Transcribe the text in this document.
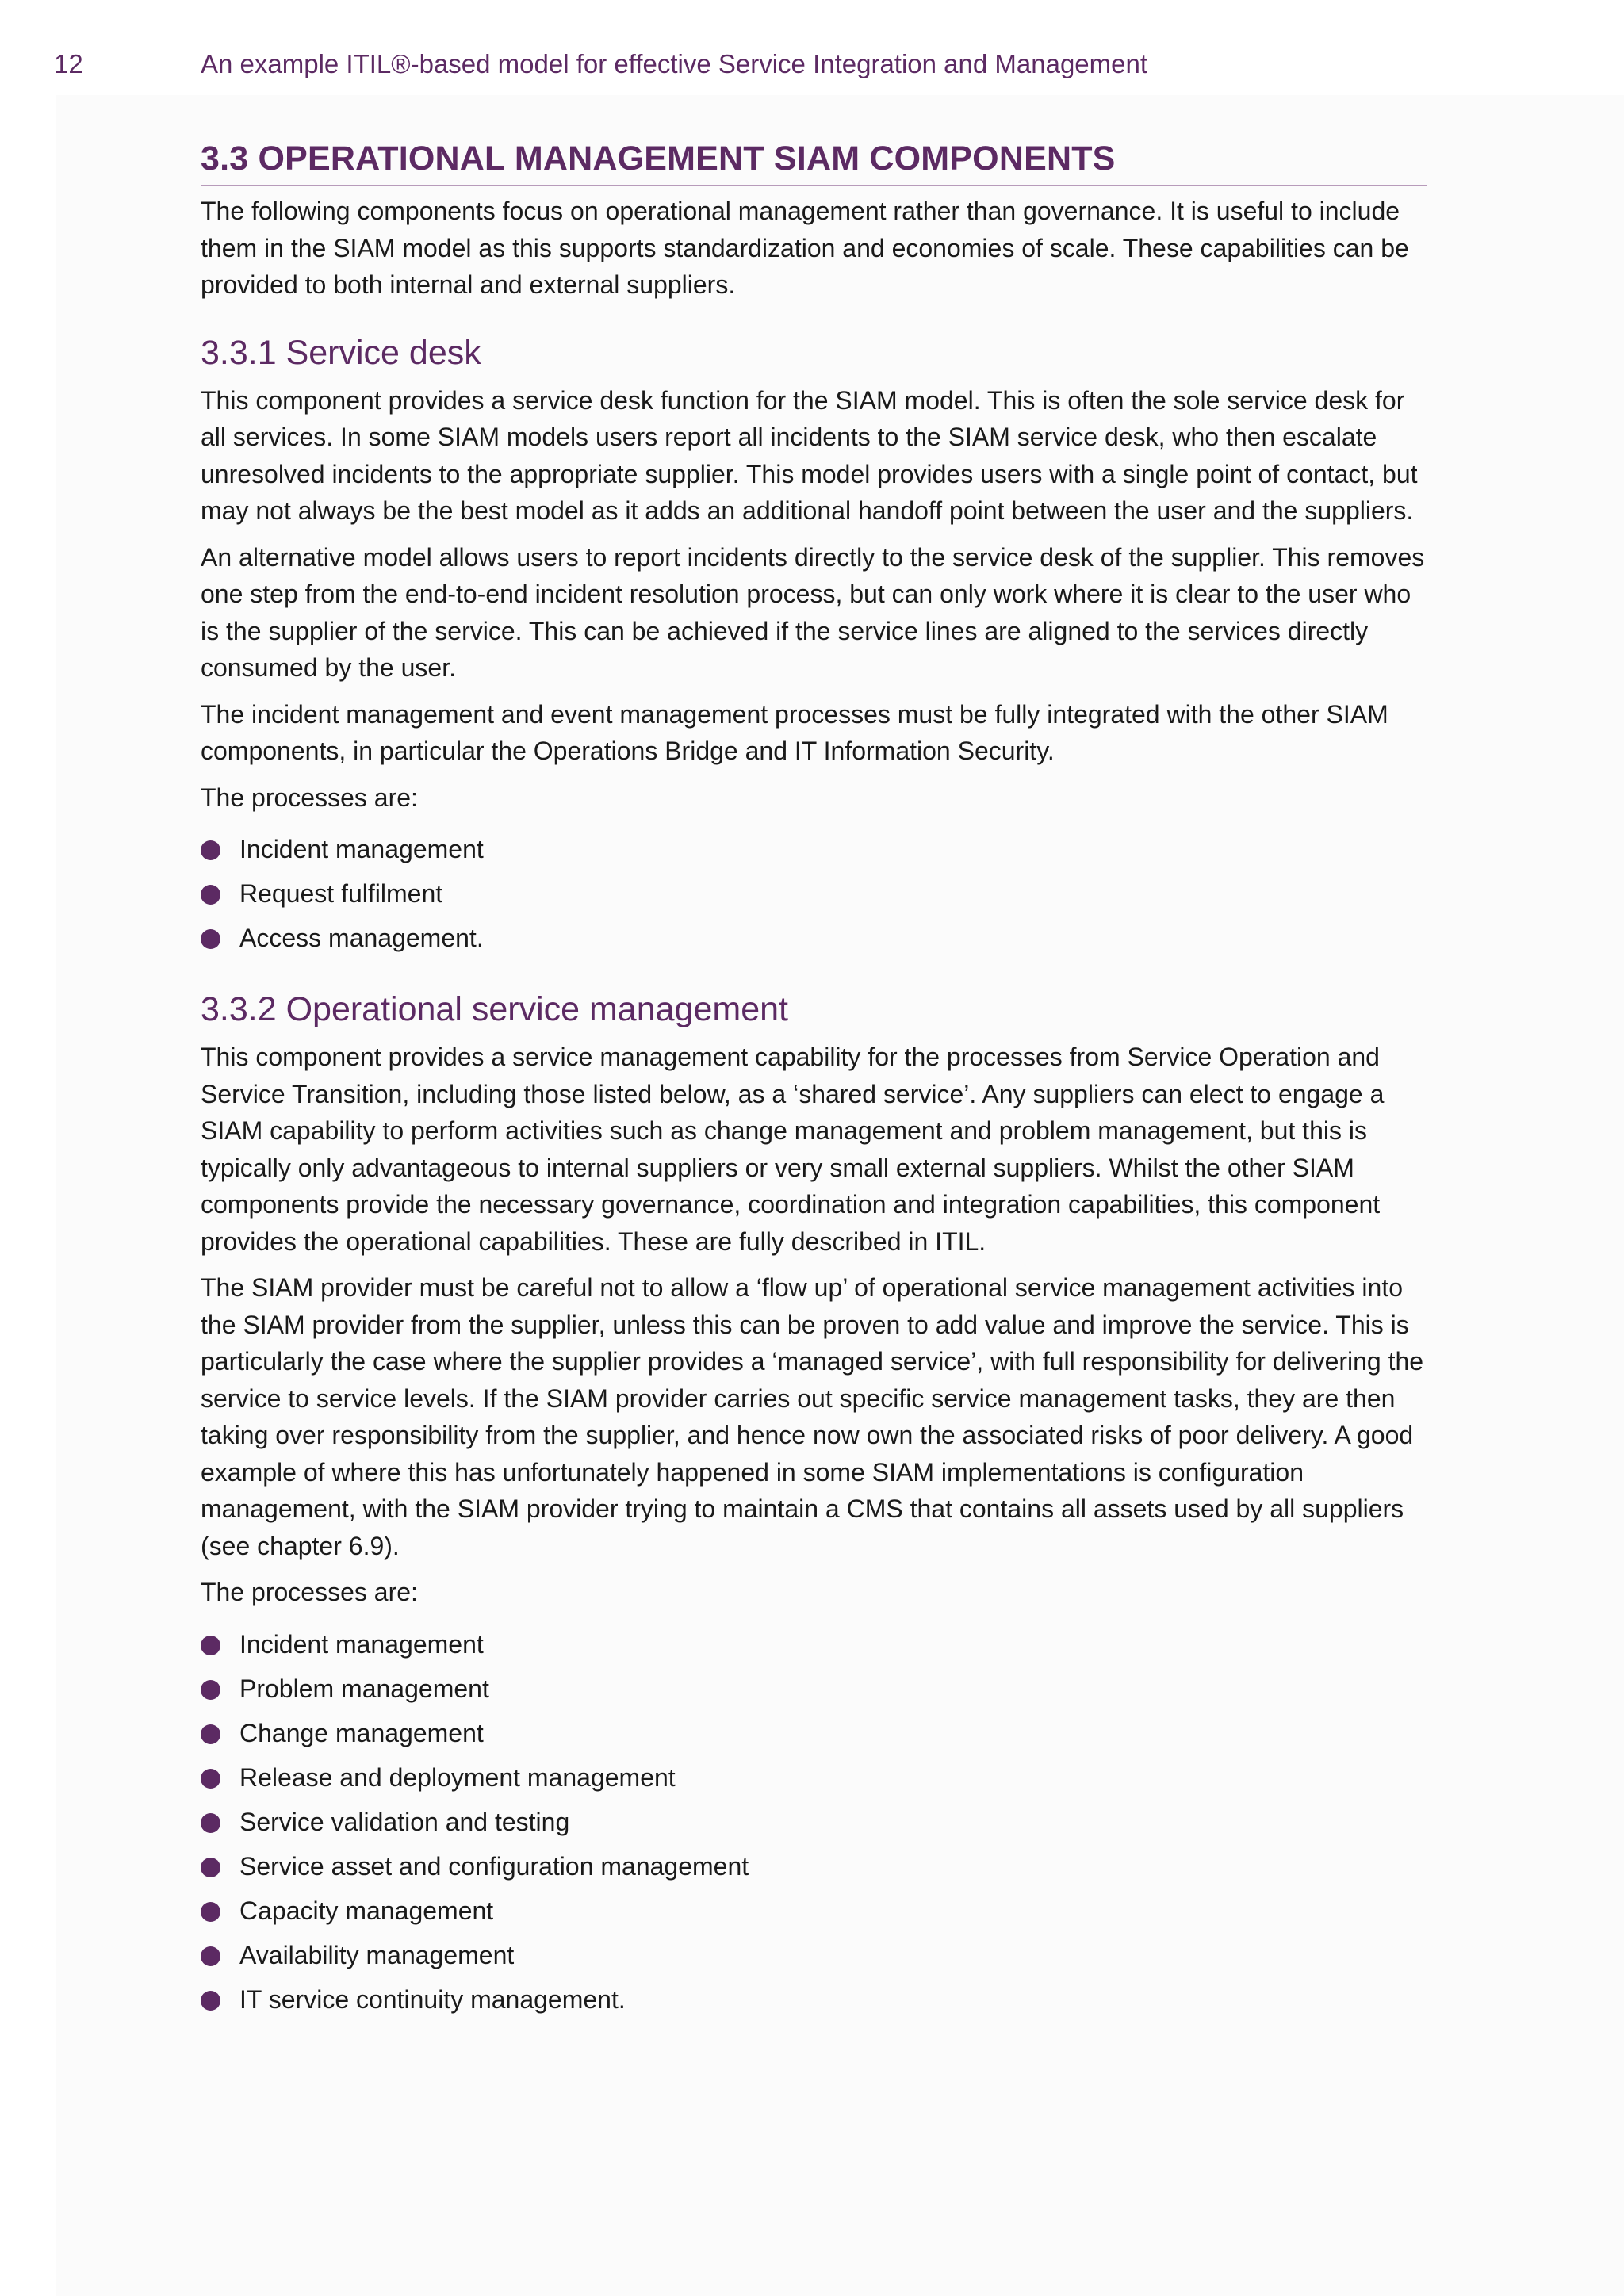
12	An example ITIL®-based model for effective Service Integration and Management
3.3 OPERATIONAL MANAGEMENT SIAM COMPONENTS

The following components focus on operational management rather than governance. It is useful to include them in the SIAM model as this supports standardization and economies of scale. These capabilities can be provided to both internal and external suppliers.

3.3.1 Service desk

This component provides a service desk function for the SIAM model. This is often the sole service desk for all services. In some SIAM models users report all incidents to the SIAM service desk, who then escalate unresolved incidents to the appropriate supplier. This model provides users with a single point of contact, but may not always be the best model as it adds an additional handoff point between the user and the suppliers.

An alternative model allows users to report incidents directly to the service desk of the supplier. This removes one step from the end-to-end incident resolution process, but can only work where it is clear to the user who is the supplier of the service. This can be achieved if the service lines are aligned to the services directly consumed by the user.

The incident management and event management processes must be fully integrated with the other SIAM components, in particular the Operations Bridge and IT Information Security.

The processes are:

Incident management
Request fulfilment
Access management.
3.3.2 Operational service management

This component provides a service management capability for the processes from Service Operation and Service Transition, including those listed below, as a ‘shared service’. Any suppliers can elect to engage a SIAM capability to perform activities such as change management and problem management, but this is typically only advantageous to internal suppliers or very small external suppliers. Whilst the other SIAM components provide the necessary governance, coordination and integration capabilities, this component provides the operational capabilities. These are fully described in ITIL.

The SIAM provider must be careful not to allow a ‘flow up’ of operational service management activities into the SIAM provider from the supplier, unless this can be proven to add value and improve the service. This is particularly the case where the supplier provides a ‘managed service’, with full responsibility for delivering the service to service levels. If the SIAM provider carries out specific service management tasks, they are then taking over responsibility from the supplier, and hence now own the associated risks of poor delivery. A good example of where this has unfortunately happened in some SIAM implementations is configuration management, with the SIAM provider trying to maintain a CMS that contains all assets used by all suppliers (see chapter 6.9).

The processes are:

Incident management
Problem management
Change management
Release and deployment management
Service validation and testing
Service asset and configuration management
Capacity management
Availability management
IT service continuity management.
